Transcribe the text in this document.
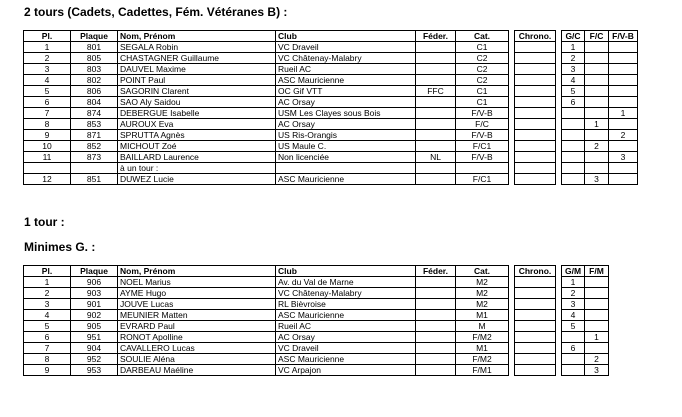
2 tours (Cadets, Cadettes, Fém. Vétéranes B) :
Pl.	Plaque	Nom, Prénom	Club	Féder.	Cat.		Chrono.		G/C	F/C	F/V-B
1	801	SEGALA Robin	VC Draveil		C1				1		
2	805	CHASTAGNER Guillaume	VC Châtenay-Malabry		C2				2		
3	803	DAUVEL Maxime	Rueil AC		C2				3		
4	802	POINT Paul	ASC Mauricienne		C2				4		
5	806	SAGORIN Clarent	OC Gif VTT	FFC	C1				5		
6	804	SAO Aly Saidou	AC Orsay		C1				6		
7	874	DEBERGUE Isabelle	USM Les Clayes sous Bois		F/V-B						1
8	853	AUROUX Eva	AC Orsay		F/C					1	
9	871	SPRUTTA Agnès	US Ris-Orangis		F/V-B						2
10	852	MICHOUT Zoé	US Maule C.		F/C1					2	
11	873	BAILLARD Laurence	Non licenciée	NL	F/V-B						3
		à un tour :									
12	851	DUWEZ Lucie	ASC Mauricienne		F/C1					3	
1 tour :
Minimes G. :
Pl.	Plaque	Nom, Prénom	Club	Féder.	Cat.		Chrono.		G/M	F/M
1	906	NOEL Marius	Av. du Val de Marne		M2				1	
2	903	AYME Hugo	VC Châtenay-Malabry		M2				2	
3	901	JOUVE Lucas	RL Bièvroise		M2				3	
4	902	MEUNIER Matten	ASC Mauricienne		M1				4	
5	905	EVRARD Paul	Rueil AC		M				5	
6	951	RONOT Apolline	AC Orsay		F/M2					1
7	904	CAVALLERO Lucas	VC Draveil		M1				6	
8	952	SOULIE Aléna	ASC Mauricienne		F/M2					2
9	953	DARBEAU Maéline	VC Arpajon		F/M1					3
